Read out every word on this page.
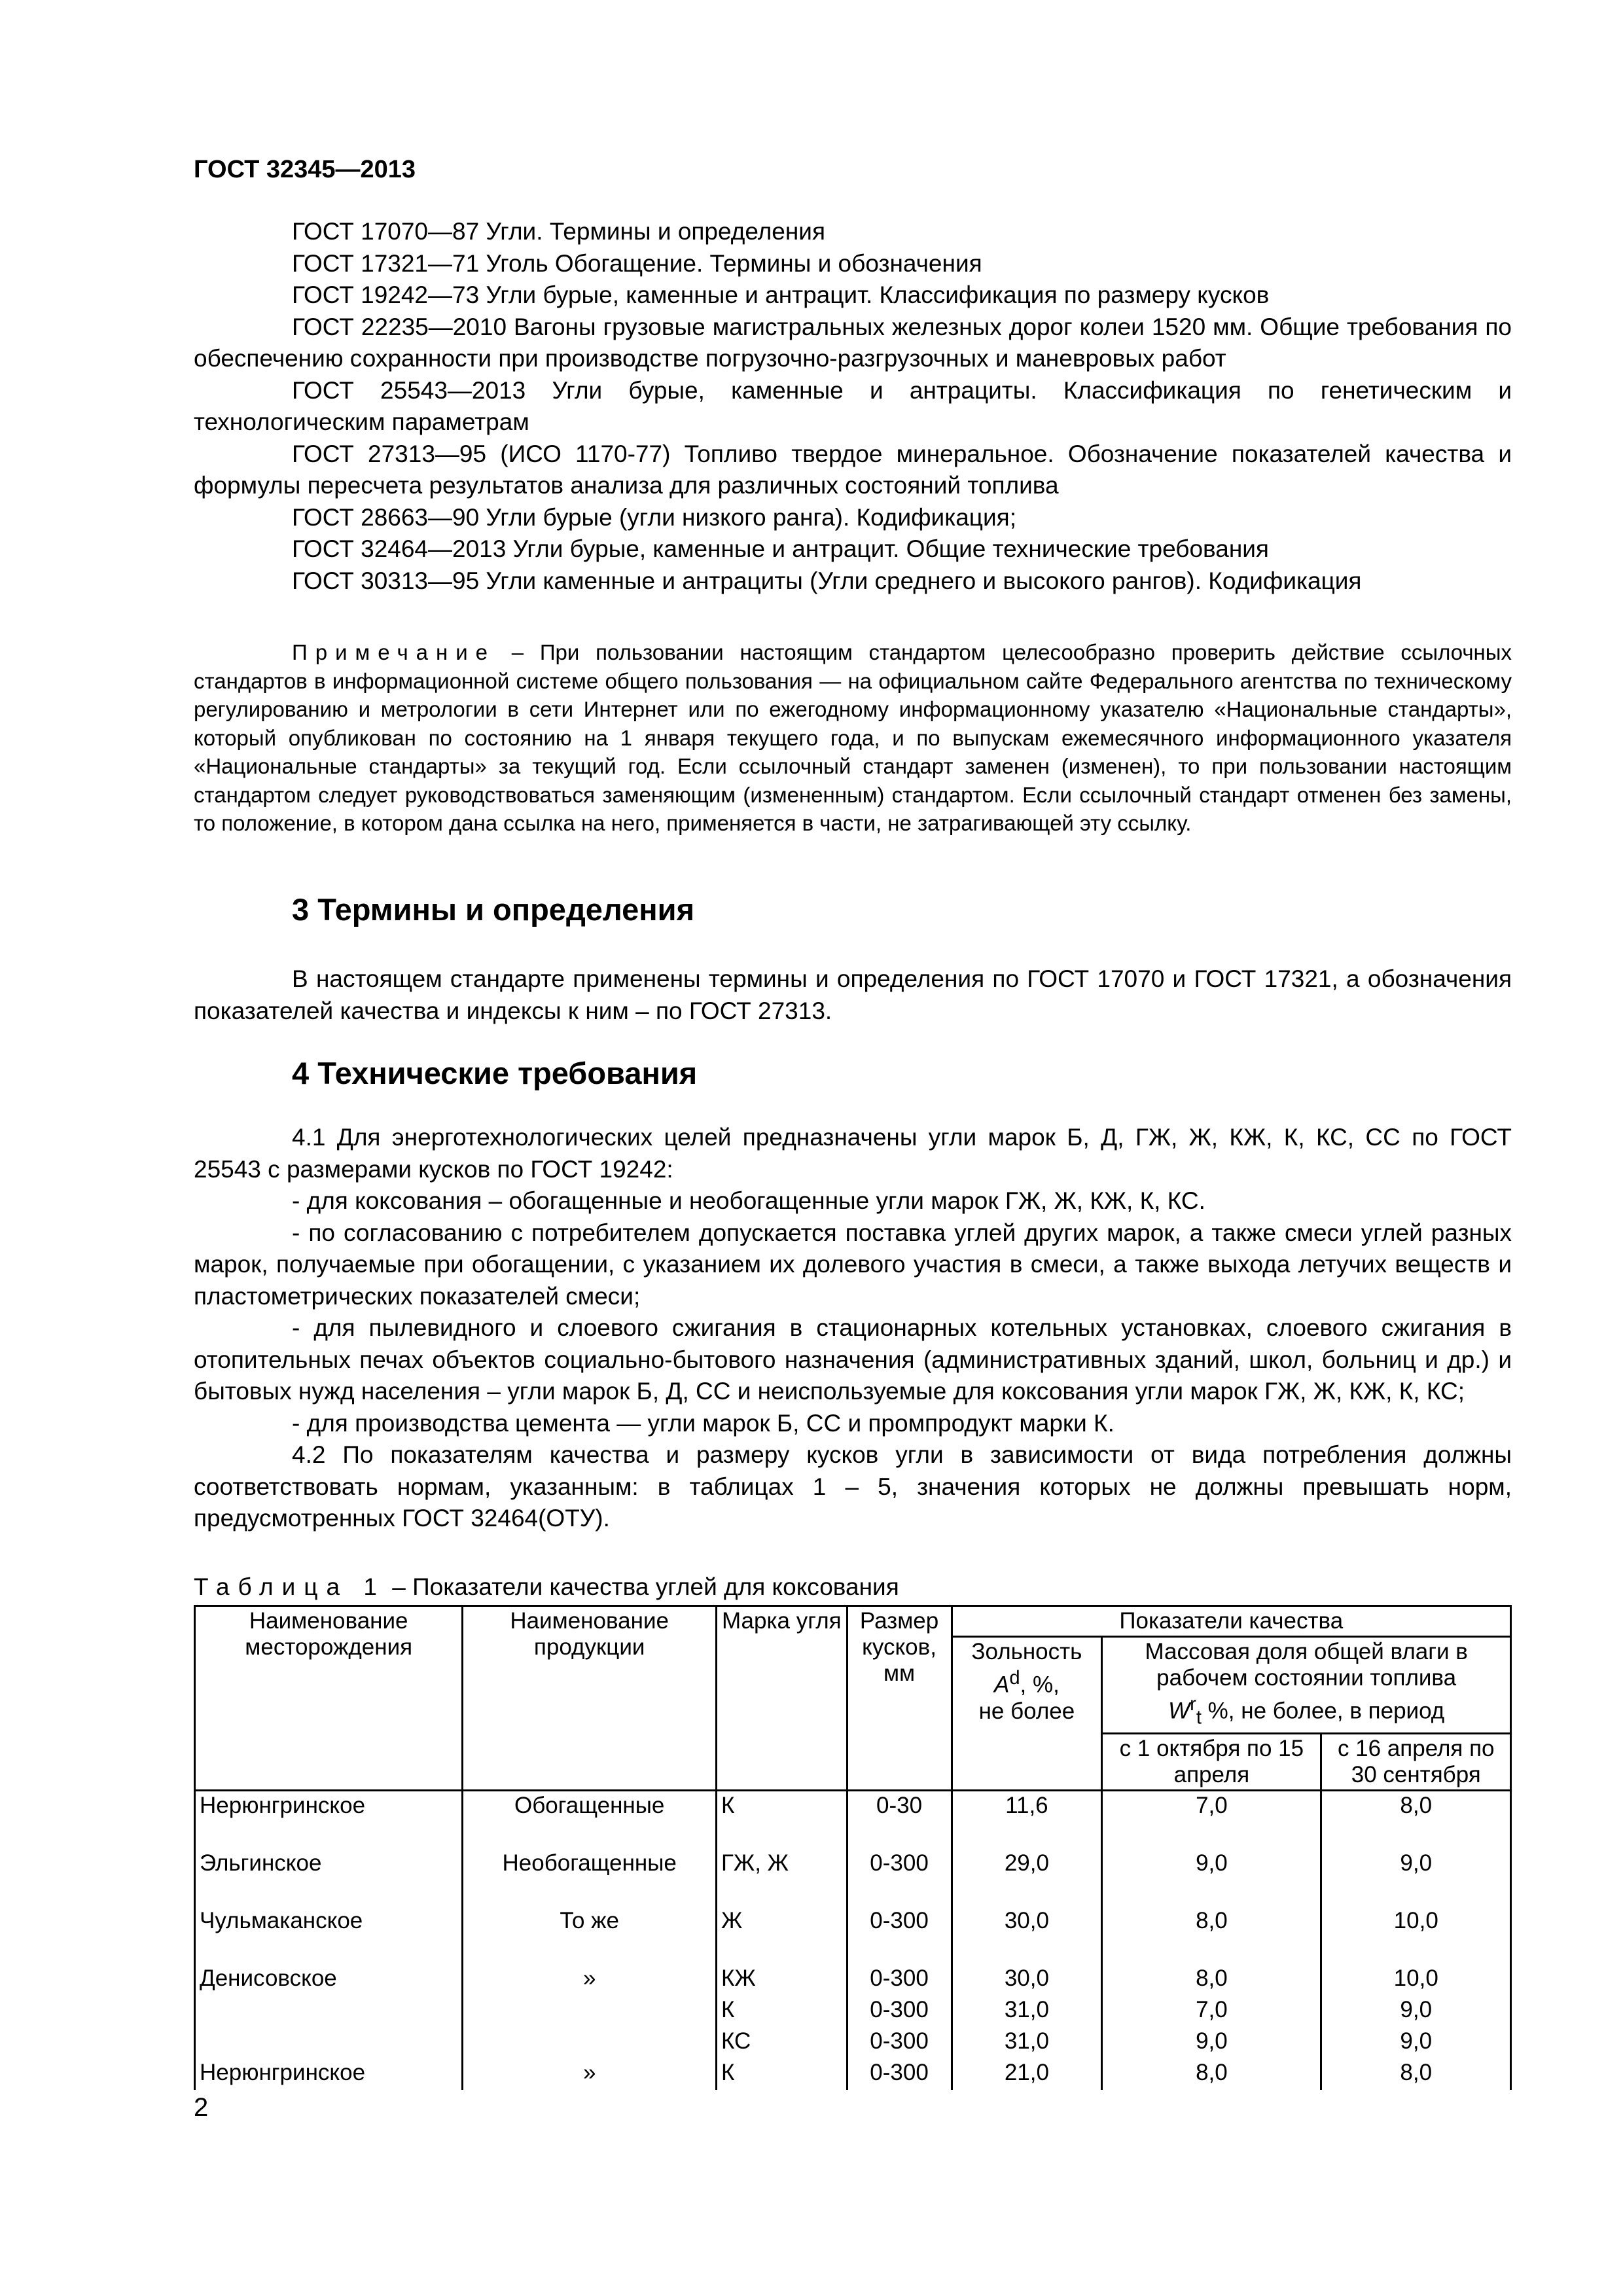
ГОСТ 32345—2013

ГОСТ 17070—87 Угли. Термины и определения

ГОСТ 17321—71 Уголь Обогащение. Термины и обозначения

ГОСТ 19242—73 Угли бурые, каменные и антрацит. Классификация по размеру кусков

ГОСТ 22235—2010 Вагоны грузовые магистральных железных дорог колеи 1520 мм. Общие требования по обеспечению сохранности при производстве погрузочно-разгрузочных и маневровых работ

ГОСТ 25543—2013 Угли бурые, каменные и антрациты. Классификация по генетическим и технологическим параметрам

ГОСТ 27313—95 (ИСО 1170-77) Топливо твердое минеральное. Обозначение показателей качества и формулы пересчета результатов анализа для различных состояний топлива

ГОСТ 28663—90 Угли бурые (угли низкого ранга). Кодификация;

ГОСТ 32464—2013 Угли бурые, каменные и антрацит. Общие технические требования

ГОСТ 30313—95 Угли каменные и антрациты (Угли среднего и высокого рангов). Кодификация

Примечание – При пользовании настоящим стандартом целесообразно проверить действие ссылочных стандартов в информационной системе общего пользования — на официальном сайте Федерального агентства по техническому регулированию и метрологии в сети Интернет или по ежегодному информационному указателю «Национальные стандарты», который опубликован по состоянию на 1 января текущего года, и по выпускам ежемесячного информационного указателя «Национальные стандарты» за текущий год. Если ссылочный стандарт заменен (изменен), то при пользовании настоящим стандартом следует руководствоваться заменяющим (измененным) стандартом. Если ссылочный стандарт отменен без замены, то положение, в котором дана ссылка на него, применяется в части, не затрагивающей эту ссылку.

3 Термины и определения

В настоящем стандарте применены термины и определения по ГОСТ 17070 и ГОСТ 17321, а обозначения показателей качества и индексы к ним – по ГОСТ 27313.

4 Технические требования

4.1 Для энерготехнологических целей предназначены угли марок Б, Д, ГЖ, Ж, КЖ, К, КС, СС по ГОСТ 25543 с размерами кусков по ГОСТ 19242:

- для коксования – обогащенные и необогащенные угли марок ГЖ, Ж, КЖ, К, КС.

- по согласованию с потребителем допускается поставка углей других марок, а также смеси углей разных марок, получаемые при обогащении, с указанием их долевого участия в смеси, а также выхода летучих веществ и пластометрических показателей смеси;

- для пылевидного и слоевого сжигания в стационарных котельных установках, слоевого сжигания в отопительных печах объектов социально-бытового назначения (административных зданий, школ, больниц и др.) и бытовых нужд населения – угли марок Б, Д, СС и неиспользуемые для коксования угли марок ГЖ, Ж, КЖ, К, КС;

- для производства цемента — угли марок Б, СС и промпродукт марки К.

4.2 По показателям качества и размеру кусков угли в зависимости от вида потребления должны соответствовать нормам, указанным: в таблицах 1 – 5, значения которых не должны превышать норм, предусмотренных ГОСТ 32464(ОТУ).

Таблица 1 – Показатели качества углей для коксования

Наименование месторождения	Наименование продукции	Марка угля	Размер кусков, мм	Показатели качества		
				Зольность
$A^d$, %,
не более	Массовая доля общей влаги в рабочем состоянии топлива
$W^r_t$ %, не более, в период	
					с 1 октября по 15 апреля	с 16 апреля по 30 сентября
Нерюнгринское	Обогащенные	К	0-30	11,6	7,0	8,0
Эльгинское	Необогащенные	ГЖ, Ж	0-300	29,0	9,0	9,0
Чульмаканское	То же	Ж	0-300	30,0	8,0	10,0
Денисовское	»	КЖ	0-300	30,0	8,0	10,0
		К	0-300	31,0	7,0	9,0
		КС	0-300	31,0	9,0	9,0
Нерюнгринское	»	К	0-300	21,0	8,0	8,0

2
